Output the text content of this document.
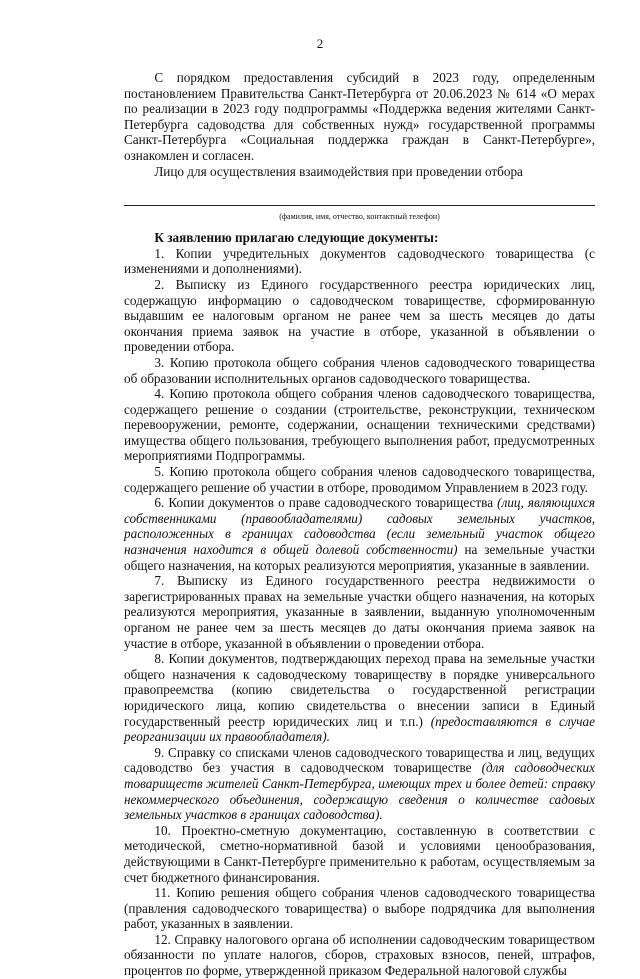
2

С порядком предоставления субсидий в 2023 году, определенным постановлением Правительства Санкт-Петербурга от 20.06.2023 № 614 «О мерах по реализации в 2023 году подпрограммы «Поддержка ведения жителями Санкт-Петербурга садоводства для собственных нужд» государственной программы Санкт-Петербурга «Социальная поддержка граждан в Санкт-Петербурге», ознакомлен и согласен.

Лицо для осуществления взаимодействия при проведении отбора

(фамилия, имя, отчество, контактный телефон)

К заявлению прилагаю следующие документы:

1. Копии учредительных документов садоводческого товарищества (с изменениями и дополнениями).

2. Выписку из Единого государственного реестра юридических лиц, содержащую информацию о садоводческом товариществе, сформированную выдавшим ее налоговым органом не ранее чем за шесть месяцев до даты окончания приема заявок на участие в отборе, указанной в объявлении о проведении отбора.

3. Копию протокола общего собрания членов садоводческого товарищества об образовании исполнительных органов садоводческого товарищества.

4. Копию протокола общего собрания членов садоводческого товарищества, содержащего решение о создании (строительстве, реконструкции, техническом перевооружении, ремонте, содержании, оснащении техническими средствами) имущества общего пользования, требующего выполнения работ, предусмотренных мероприятиями Подпрограммы.

5. Копию протокола общего собрания членов садоводческого товарищества, содержащего решение об участии в отборе, проводимом Управлением в 2023 году.

6. Копии документов о праве садоводческого товарищества (лиц, являющихся собственниками (правообладателями) садовых земельных участков, расположенных в границах садоводства (если земельный участок общего назначения находится в общей долевой собственности) на земельные участки общего назначения, на которых реализуются мероприятия, указанные в заявлении.

7. Выписку из Единого государственного реестра недвижимости о зарегистрированных правах на земельные участки общего назначения, на которых реализуются мероприятия, указанные в заявлении, выданную уполномоченным органом не ранее чем за шесть месяцев до даты окончания приема заявок на участие в отборе, указанной в объявлении о проведении отбора.

8. Копии документов, подтверждающих переход права на земельные участки общего назначения к садоводческому товариществу в порядке универсального правопреемства (копию свидетельства о государственной регистрации юридического лица, копию свидетельства о внесении записи в Единый государственный реестр юридических лиц и т.п.) (предоставляются в случае реорганизации их правообладателя).

9. Справку со списками членов садоводческого товарищества и лиц, ведущих садоводство без участия в садоводческом товариществе (для садоводческих товариществ жителей Санкт-Петербурга, имеющих трех и более детей: справку некоммерческого объединения, содержащую сведения о количестве садовых земельных участков в границах садоводства).

10. Проектно-сметную документацию, составленную в соответствии с методической, сметно-нормативной базой и условиями ценообразования, действующими в Санкт-Петербурге применительно к работам, осуществляемым за счет бюджетного финансирования.

11. Копию решения общего собрания членов садоводческого товарищества (правления садоводческого товарищества) о выборе подрядчика для выполнения работ, указанных в заявлении.

12. Справку налогового органа об исполнении садоводческим товариществом обязанности по уплате налогов, сборов, страховых взносов, пеней, штрафов, процентов по форме, утвержденной приказом Федеральной налоговой службы
